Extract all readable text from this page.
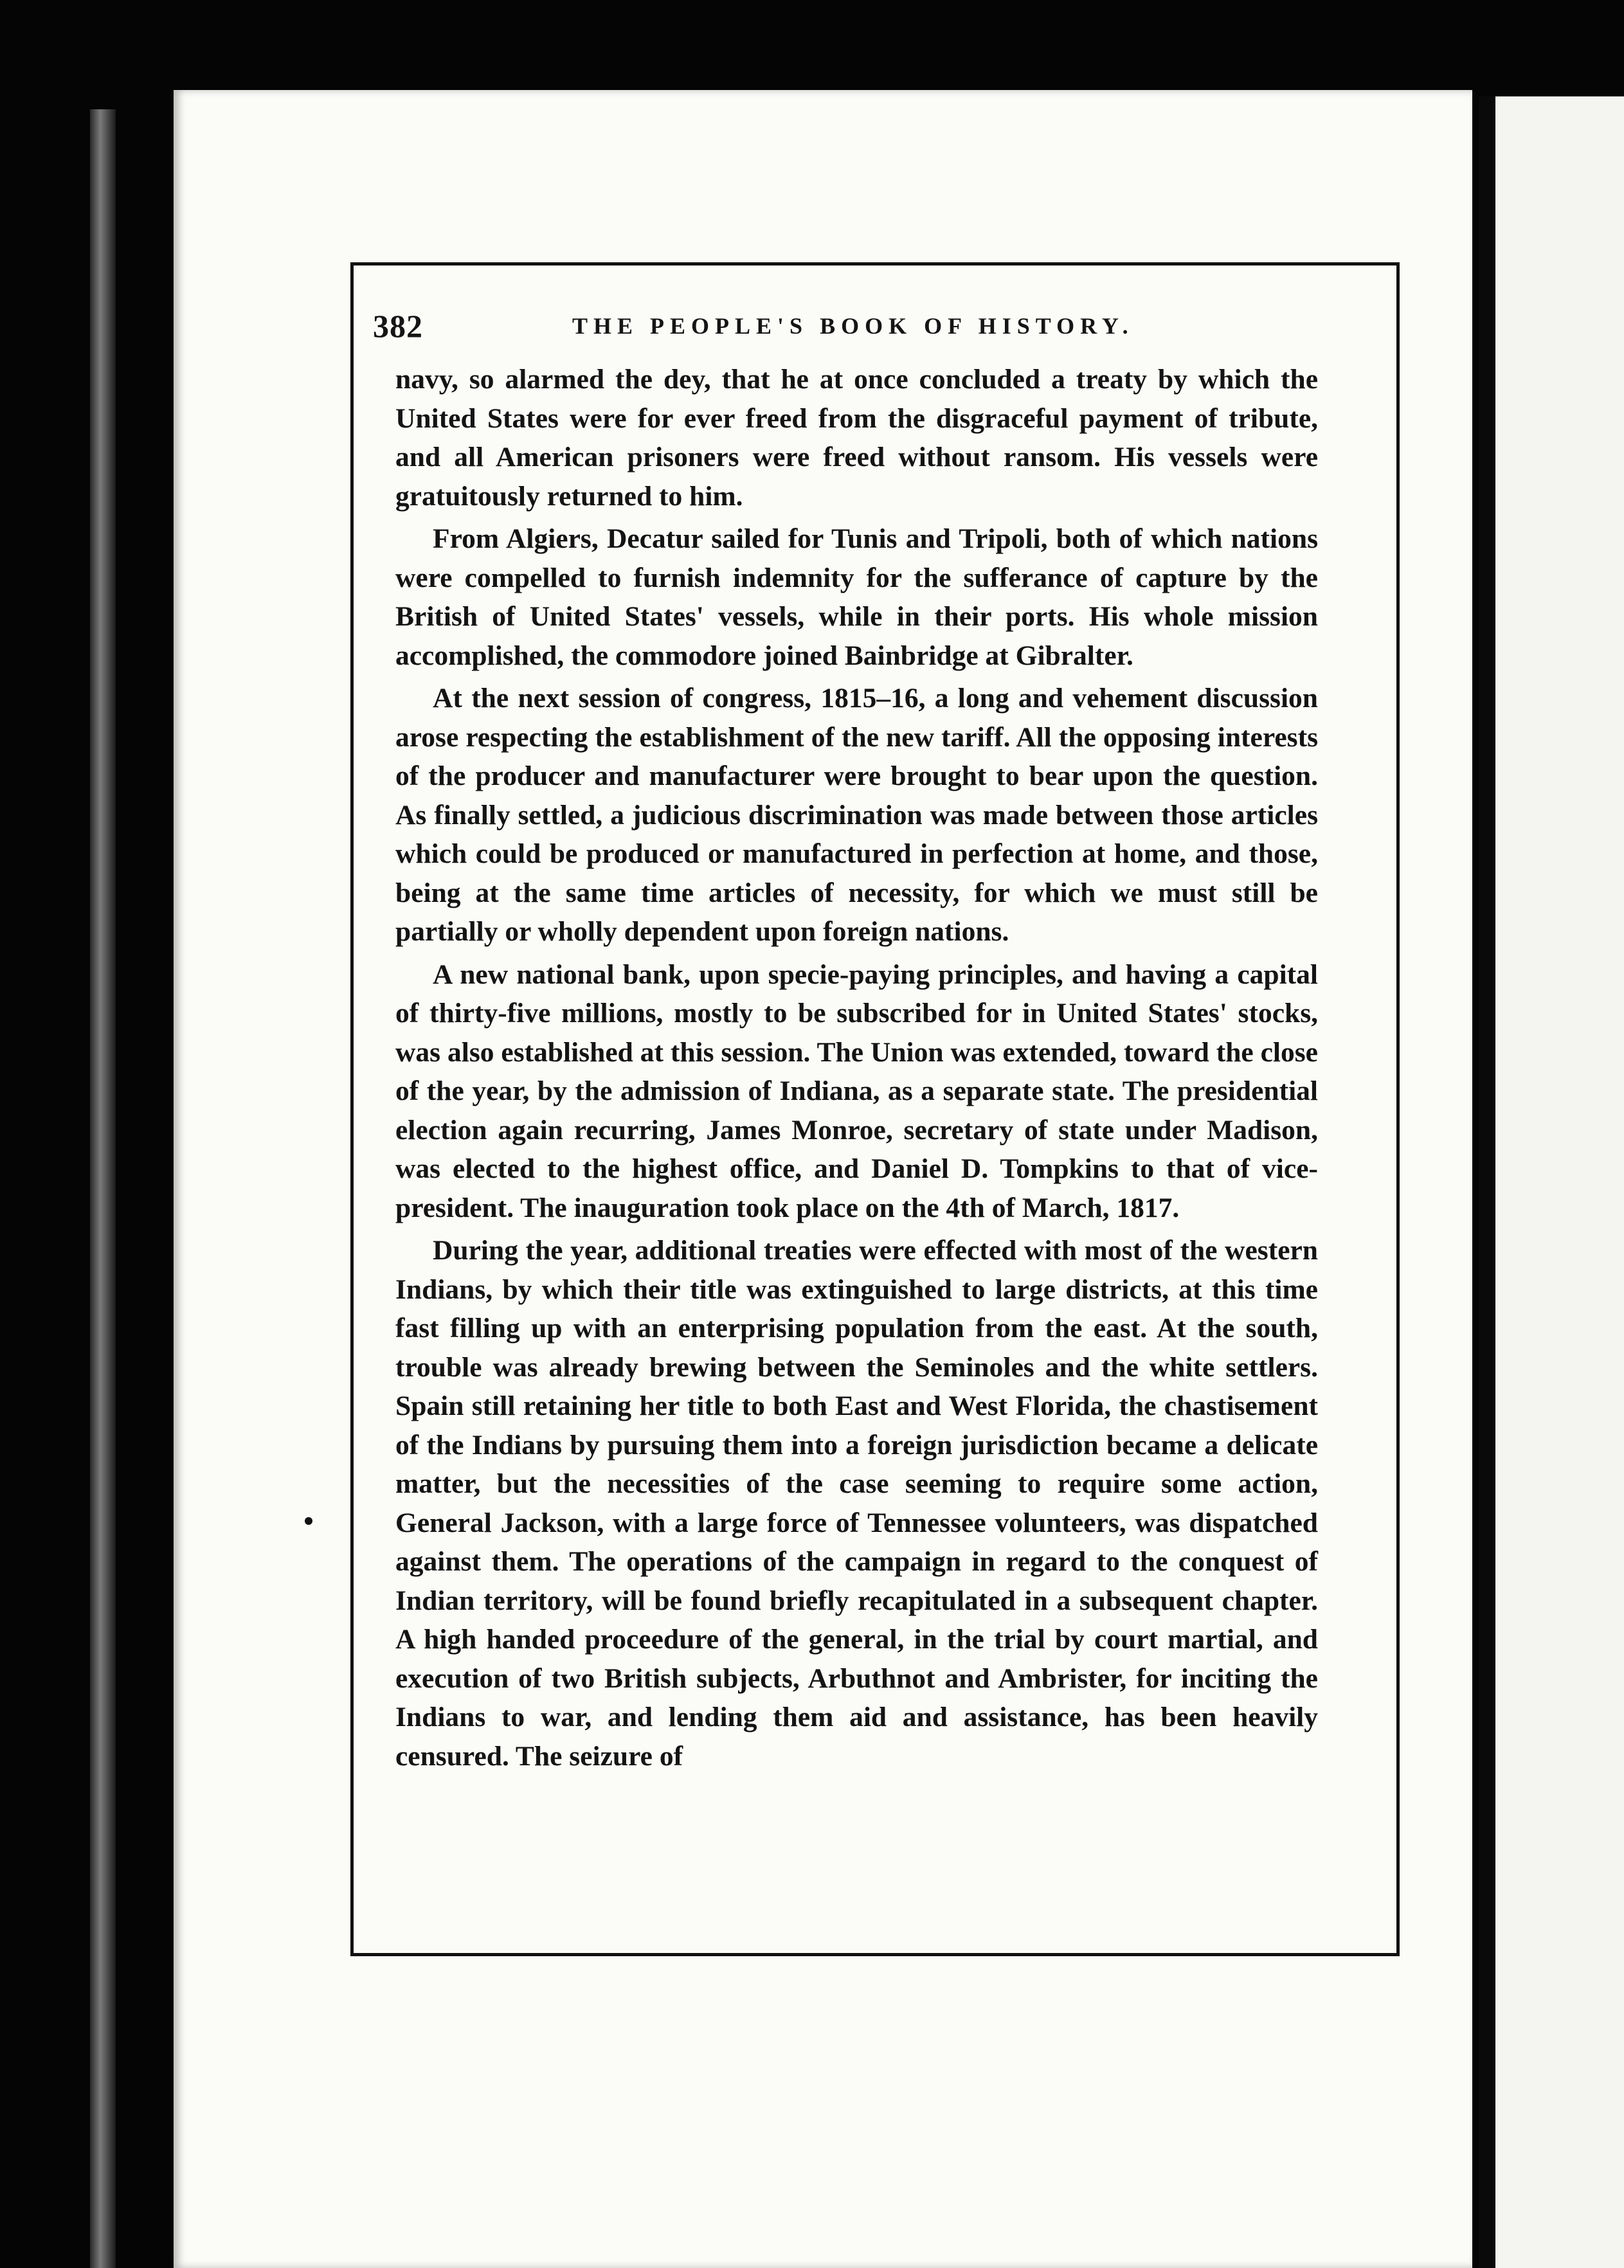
382	THE PEOPLE'S BOOK OF HISTORY.

navy, so alarmed the dey, that he at once concluded a treaty by which the United States were for ever freed from the disgraceful payment of tribute, and all American prisoners were freed without ransom. His vessels were gratuitously returned to him.

From Algiers, Decatur sailed for Tunis and Tripoli, both of which nations were compelled to furnish indemnity for the sufferance of capture by the British of United States' vessels, while in their ports. His whole mission accomplished, the commodore joined Bainbridge at Gibralter.

At the next session of congress, 1815–16, a long and vehement discussion arose respecting the establishment of the new tariff. All the opposing interests of the producer and manufacturer were brought to bear upon the question. As finally settled, a judicious discrimination was made between those articles which could be produced or manufactured in perfection at home, and those, being at the same time articles of necessity, for which we must still be partially or wholly dependent upon foreign nations.

A new national bank, upon specie-paying principles, and having a capital of thirty-five millions, mostly to be subscribed for in United States' stocks, was also established at this session. The Union was extended, toward the close of the year, by the admission of Indiana, as a separate state. The presidential election again recurring, James Monroe, secretary of state under Madison, was elected to the highest office, and Daniel D. Tompkins to that of vice-president. The inauguration took place on the 4th of March, 1817.

During the year, additional treaties were effected with most of the western Indians, by which their title was extinguished to large districts, at this time fast filling up with an enterprising population from the east. At the south, trouble was already brewing between the Seminoles and the white settlers. Spain still retaining her title to both East and West Florida, the chastisement of the Indians by pursuing them into a foreign jurisdiction became a delicate matter, but the necessities of the case seeming to require some action, General Jackson, with a large force of Tennessee volunteers, was dispatched against them. The operations of the campaign in regard to the conquest of Indian territory, will be found briefly recapitulated in a subsequent chapter. A high handed proceedure of the general, in the trial by court martial, and execution of two British subjects, Arbuthnot and Ambrister, for inciting the Indians to war, and lending them aid and assistance, has been heavily censured. The seizure of
